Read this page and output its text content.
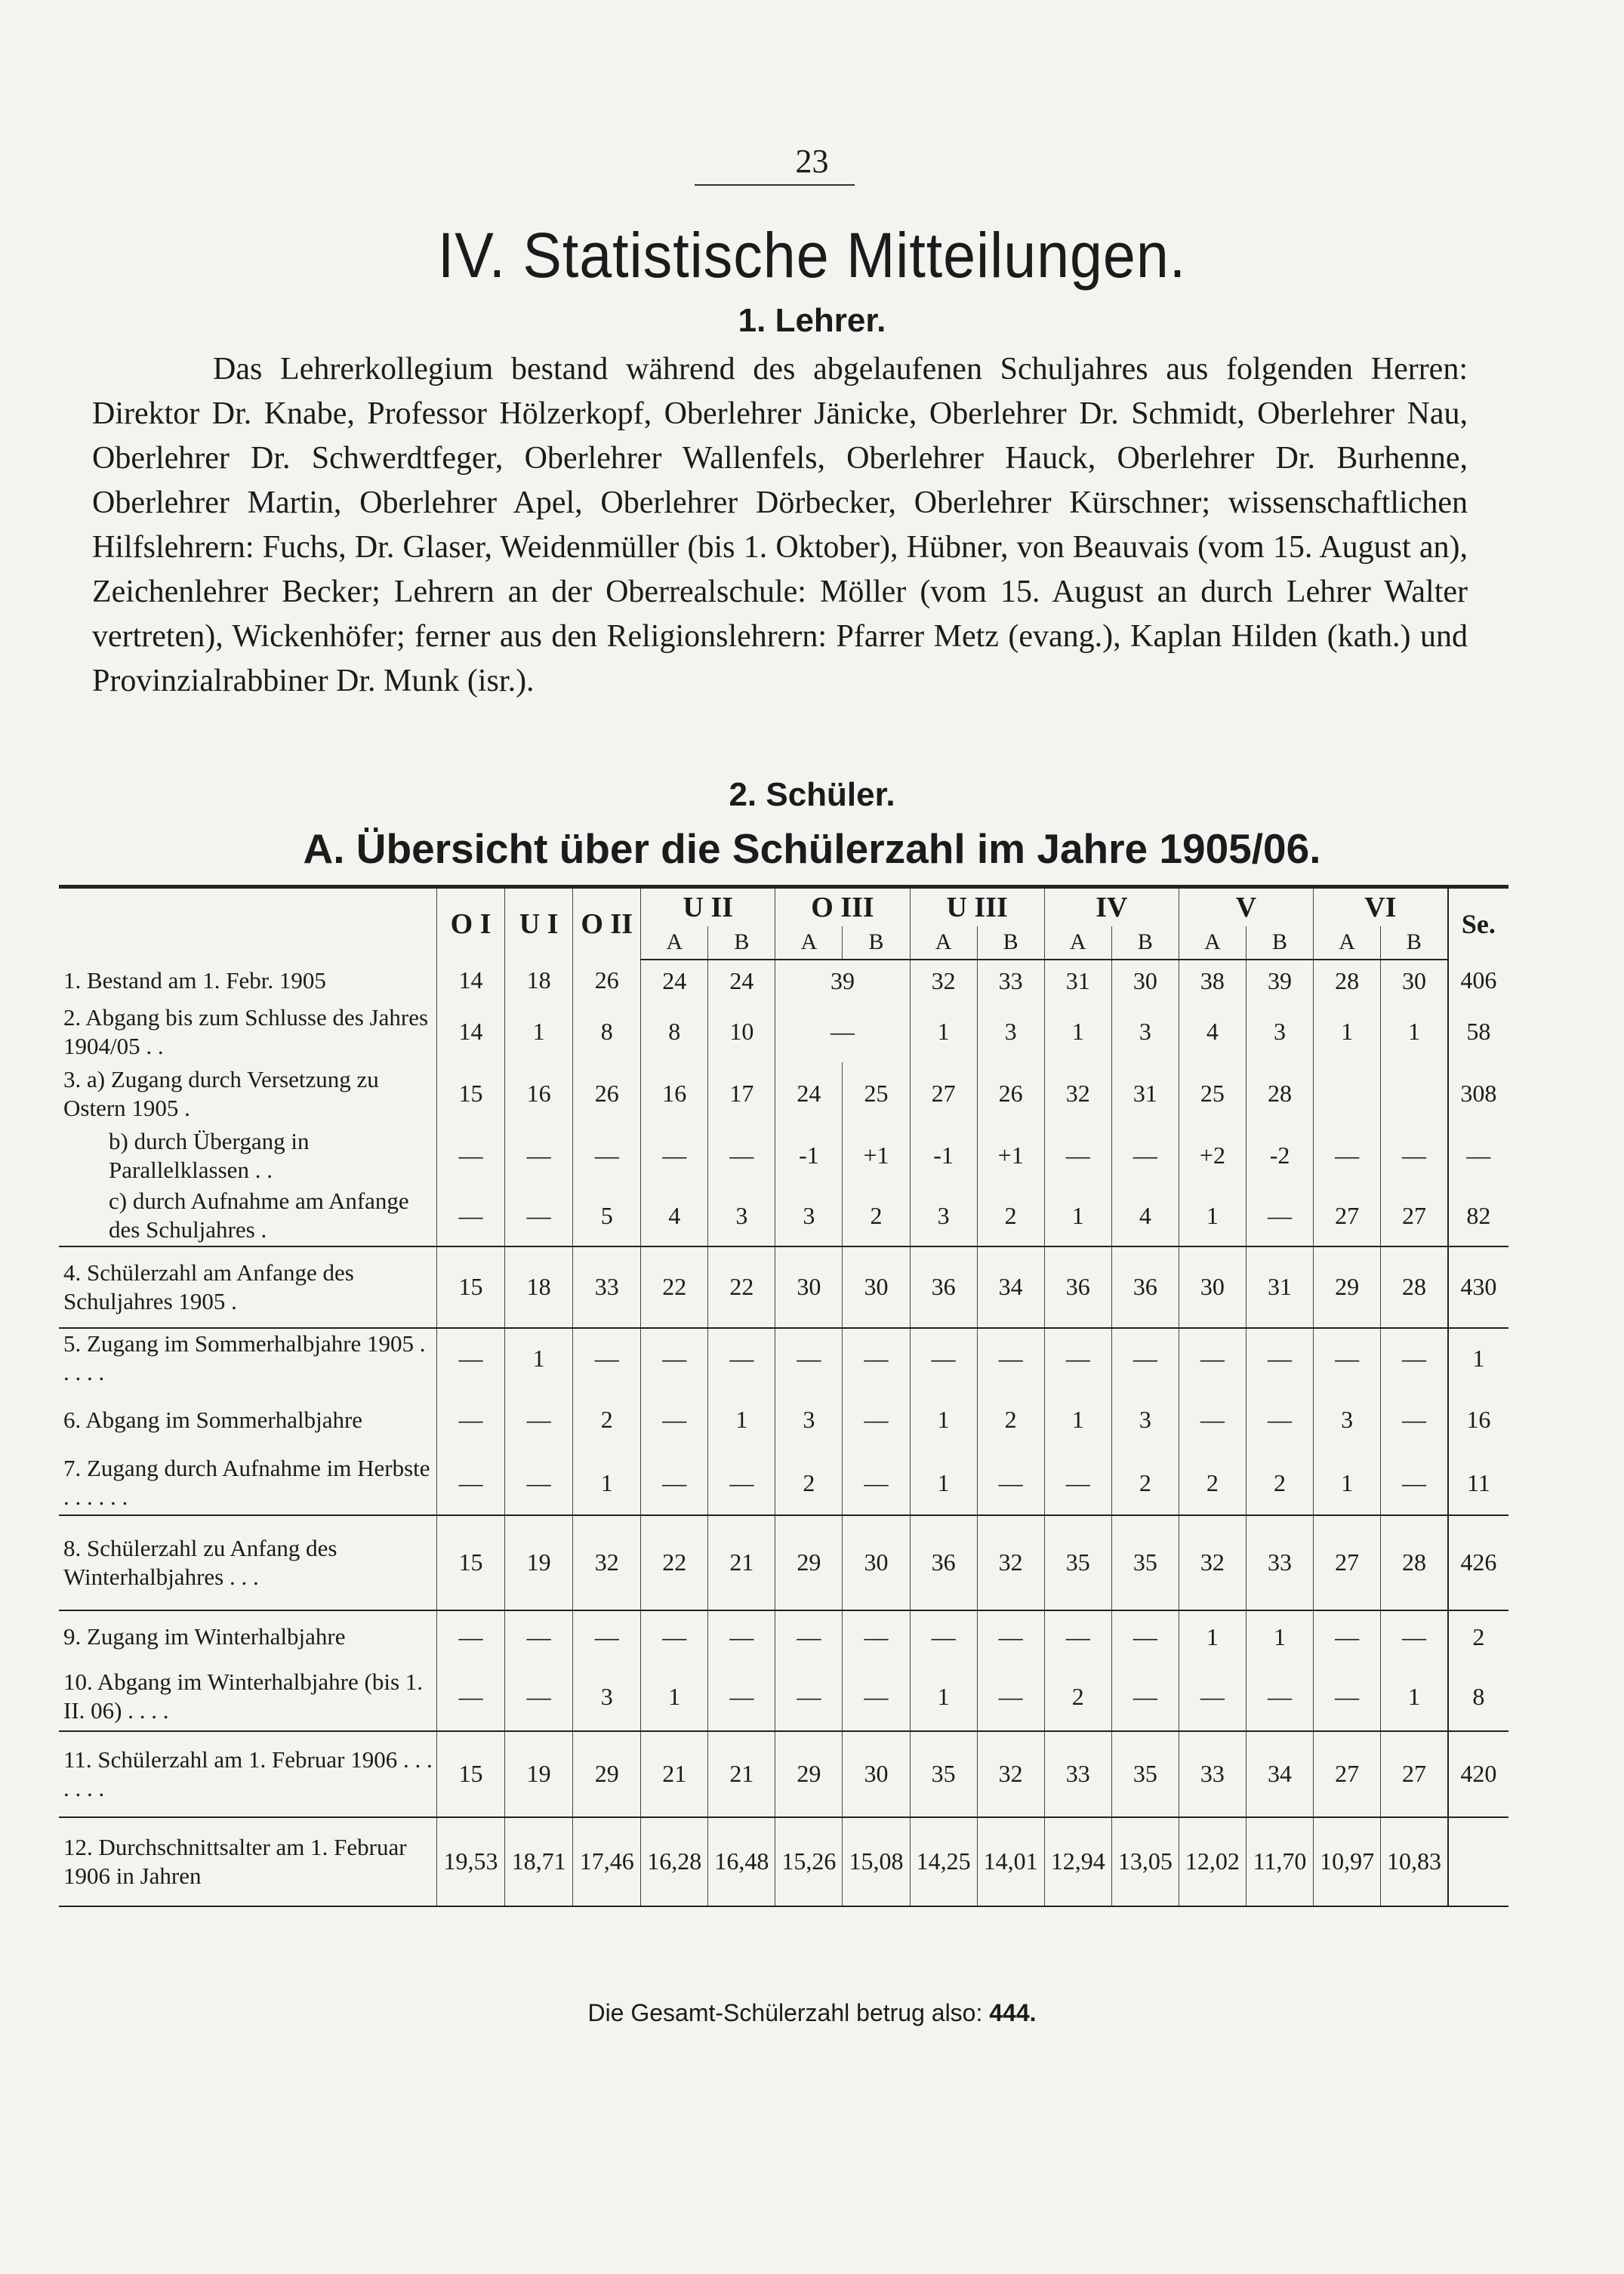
23
IV. Statistische Mitteilungen.
1. Lehrer.

Das Lehrerkollegium bestand während des abgelaufenen Schuljahres aus folgenden Herren: Direktor Dr. Knabe, Professor Hölzerkopf, Oberlehrer Jänicke, Oberlehrer Dr. Schmidt, Oberlehrer Nau, Oberlehrer Dr. Schwerdtfeger, Oberlehrer Wallenfels, Oberlehrer Hauck, Oberlehrer Dr. Burhenne, Oberlehrer Martin, Oberlehrer Apel, Oberlehrer Dörbecker, Oberlehrer Kürschner; wissenschaftlichen Hilfslehrern: Fuchs, Dr. Glaser, Weidenmüller (bis 1. Oktober), Hübner, von Beauvais (vom 15. August an), Zeichenlehrer Becker; Lehrern an der Oberrealschule: Möller (vom 15. August an durch Lehrer Walter vertreten), Wickenhöfer; ferner aus den Religionslehrern: Pfarrer Metz (evang.), Kaplan Hilden (kath.) und Provinzialrabbiner Dr. Munk (isr.).

2. Schüler.
A. Übersicht über die Schülerzahl im Jahre 1905/06.
	O I	U I	O II	U II		O III		U III		IV		V		VI		Se.
				A	B	A	B	A	B	A	B	A	B	A	B	
1. Bestand am 1. Febr. 1905	14	18	26	24	24	39		32	33	31	30	38	39	28	30	406
2. Abgang bis zum Schlusse des Jahres 1904/05 . .	14	1	8	8	10	—		1	3	1	3	4	3	1	1	58
3. a) Zugang durch Versetzung zu Ostern 1905 .	15	16	26	16	17	24	25	27	26	32	31	25	28			308
b) durch Übergang in Parallelklassen . .	—	—	—	—	—	-1	+1	-1	+1	—	—	+2	-2	—	—	—
c) durch Aufnahme am Anfange des Schuljahres .	—	—	5	4	3	3	2	3	2	1	4	1	—	27	27	82
4. Schülerzahl am Anfange des Schuljahres 1905 .	15	18	33	22	22	30	30	36	34	36	36	30	31	29	28	430
5. Zugang im Sommerhalbjahre 1905 . . . . .	—	1	—	—	—	—	—	—	—	—	—	—	—	—	—	1
6. Abgang im Sommerhalbjahre	—	—	2	—	1	3	—	1	2	1	3	—	—	3	—	16
7. Zugang durch Aufnahme im Herbste . . . . . .	—	—	1	—	—	2	—	1	—	—	2	2	2	1	—	11
8. Schülerzahl zu Anfang des Winterhalbjahres . . .	15	19	32	22	21	29	30	36	32	35	35	32	33	27	28	426
9. Zugang im Winterhalbjahre	—	—	—	—	—	—	—	—	—	—	—	1	1	—	—	2
10. Abgang im Winterhalbjahre (bis 1. II. 06) . . . .	—	—	3	1	—	—	—	1	—	2	—	—	—	—	1	8
11. Schülerzahl am 1. Februar 1906 . . . . . . .	15	19	29	21	21	29	30	35	32	33	35	33	34	27	27	420
12. Durchschnittsalter am 1. Februar 1906 in Jahren	19,53	18,71	17,46	16,28	16,48	15,26	15,08	14,25	14,01	12,94	13,05	12,02	11,70	10,97	10,83	
Die Gesamt-Schülerzahl betrug also: 444.
